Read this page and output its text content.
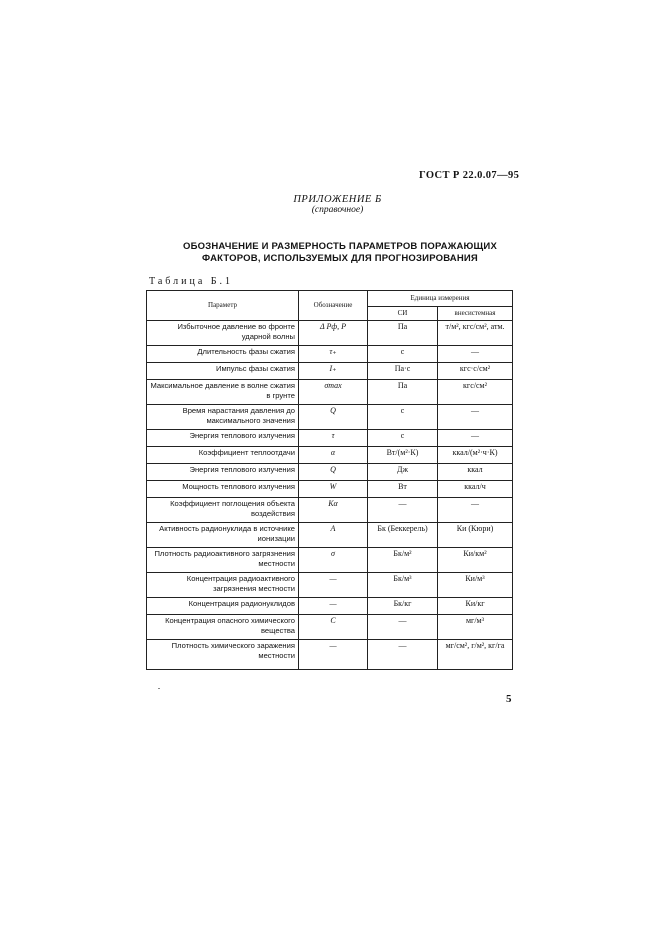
ГОСТ Р 22.0.07—95
ПРИЛОЖЕНИЕ Б
(справочное)
ОБОЗНАЧЕНИЕ И РАЗМЕРНОСТЬ ПАРАМЕТРОВ ПОРАЖАЮЩИХ
ФАКТОРОВ, ИСПОЛЬЗУЕМЫХ ДЛЯ ПРОГНОЗИРОВАНИЯ
Таблица Б.1
Параметр	Обозначение	Единица измерения	
		СИ	внесистемная
Избыточное давление во фронте ударной волны	Δ Pф, P	Па	т/м², кгс/см², атм.
Длительность фазы сжатия	τ₊	с	—
Импульс фазы сжатия	I₊	Па·с	кгс·с/см²
Максимальное давление в волне сжатия в грунте	σmax	Па	кгс/см²
Время нарастания давления до максимального значения	Q	с	—
Энергия теплового излучения	τ	с	—
Коэффициент теплоотдачи	α	Вт/(м²·К)	ккал/(м²·ч·К)
Энергия теплового излучения	Q	Дж	ккал
Мощность теплового излучения	W	Вт	ккал/ч
Коэффициент поглощения объекта воздействия	Kα	—	—
Активность радионуклида в источнике ионизации	A	Бк (Беккерель)	Ки (Кюри)
Плотность радиоактивного загрязнения местности	σ	Бк/м²	Ки/км²
Концентрация радиоактивного загрязнения местности	—	Бк/м³	Ки/м³
Концентрация радионуклидов	—	Бк/кг	Ки/кг
Концентрация опасного химического вещества	C	—	мг/м³
Плотность химического заражения местности	—	—	мг/см², г/м², кг/га
5
